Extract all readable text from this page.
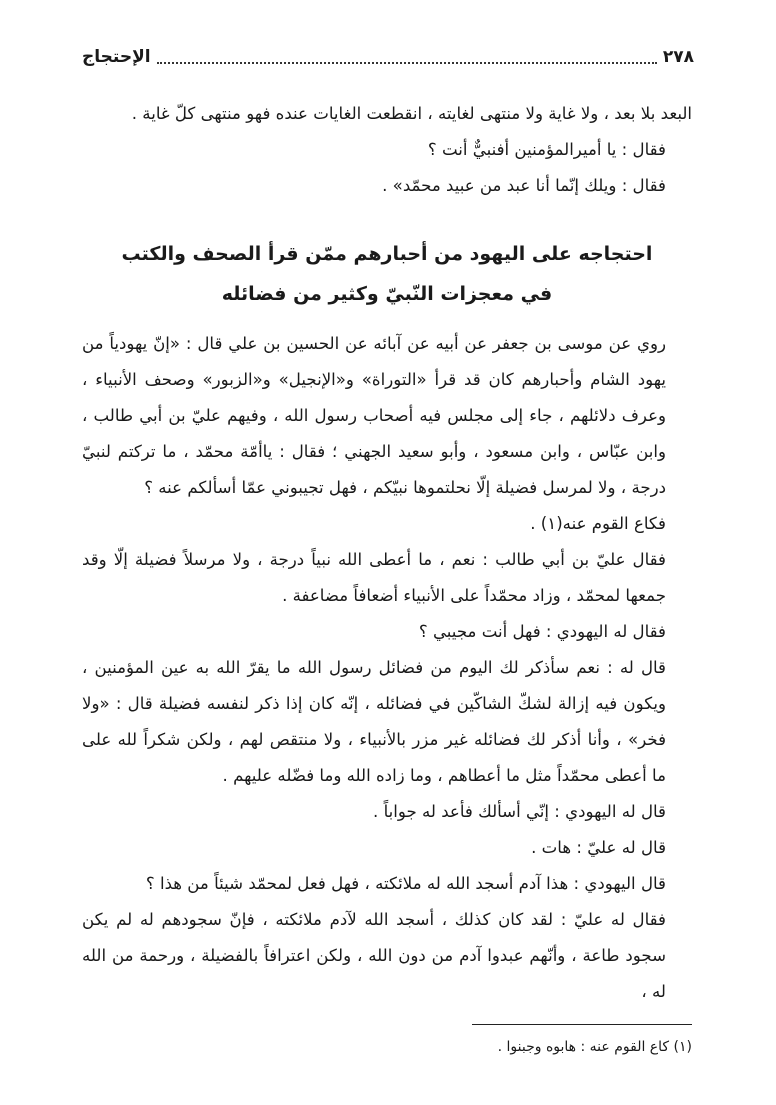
٢٧٨
الإحتجاج

البعد بلا بعد ، ولا غاية ولا منتهى لغايته ، انقطعت الغايات عنده فهو منتهى كلّ غاية .

فقال : يا أميرالمؤمنين أفنبيٌّ أنت ؟

فقال : ويلك إنّما أنا عبد من عبيد محمّد» .

احتجاجه على اليهود من أحبارهم ممّن قرأ الصحف والكتب
في معجزات النّبيّ وكثير من فضائله

روي عن موسى بن جعفر عن أبيه عن آبائه عن الحسين بن علي قال : «إنّ يهودياً من يهود الشام وأحبارهم كان قد قرأ «التوراة» و«الإنجيل» و«الزبور» وصحف الأنبياء ، وعرف دلائلهم ، جاء إلى مجلس فيه أصحاب رسول الله ، وفيهم عليّ بن أبي طالب ، وابن عبّاس ، وابن مسعود ، وأبو سعيد الجهني ؛ فقال : ياأمّة محمّد ، ما تركتم لنبيّ درجة ، ولا لمرسل فضيلة إلّا نحلتموها نبيّكم ، فهل تجيبوني عمّا أسألكم عنه ؟

فكاع القوم عنه(١) .

فقال عليّ بن أبي طالب : نعم ، ما أعطى الله نبياً درجة ، ولا مرسلاً فضيلة إلّا وقد جمعها لمحمّد ، وزاد محمّداً على الأنبياء أضعافاً مضاعفة .

فقال له اليهودي : فهل أنت مجيبي ؟

قال له : نعم سأذكر لك اليوم من فضائل رسول الله ما يقرّ الله به عين المؤمنين ، ويكون فيه إزالة لشكّ الشاكّين في فضائله ، إنّه كان إذا ذكر لنفسه فضيلة قال : «ولا فخر» ، وأنا أذكر لك فضائله غير مزر بالأنبياء ، ولا منتقص لهم ، ولكن شكراً لله على ما أعطى محمّداً مثل ما أعطاهم ، وما زاده الله وما فضّله عليهم .

قال له اليهودي : إنّي أسألك فأعد له جواباً .

قال له عليّ : هات .

قال اليهودي : هذا آدم أسجد الله له ملائكته ، فهل فعل لمحمّد شيئاً من هذا ؟

فقال له عليّ : لقد كان كذلك ، أسجد الله لآدم ملائكته ، فإنّ سجودهم له لم يكن سجود طاعة ، وأنّهم عبدوا آدم من دون الله ، ولكن اعترافاً بالفضيلة ، ورحمة من الله له ،

(١) كاع القوم عنه : هابوه وجبنوا .
